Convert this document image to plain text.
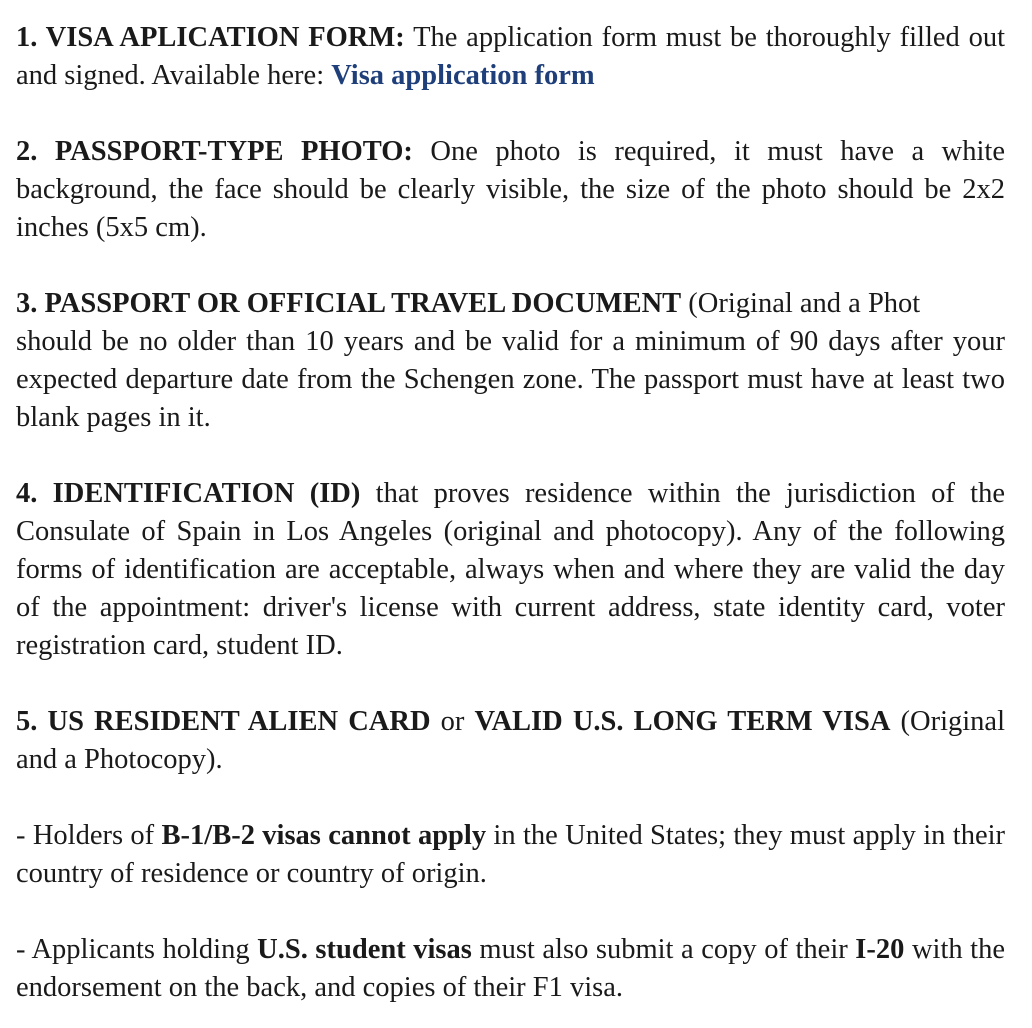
1. VISA APLICATION FORM: The application form must be thoroughly filled out and signed. Available here: Visa application form

2. PASSPORT-TYPE PHOTO: One photo is required, it must have a white background, the face should be clearly visible, the size of the photo should be 2x2 inches (5x5 cm).

3. PASSPORT OR OFFICIAL TRAVEL DOCUMENT (Original and a Phot
should be no older than 10 years and be valid for a minimum of 90 days after your expected departure date from the Schengen zone. The passport must have at least two blank pages in it.

4. IDENTIFICATION (ID) that proves residence within the jurisdiction of the Consulate of Spain in Los Angeles (original and photocopy). Any of the following forms of identification are acceptable, always when and where they are valid the day of the appointment: driver's license with current address, state identity card, voter registration card, student ID.

5. US RESIDENT ALIEN CARD or VALID U.S. LONG TERM VISA (Original and a Photocopy).

- Holders of B-1/B-2 visas cannot apply in the United States; they must apply in their country of residence or country of origin.

- Applicants holding U.S. student visas must also submit a copy of their I-20 with the endorsement on the back, and copies of their F1 visa.
